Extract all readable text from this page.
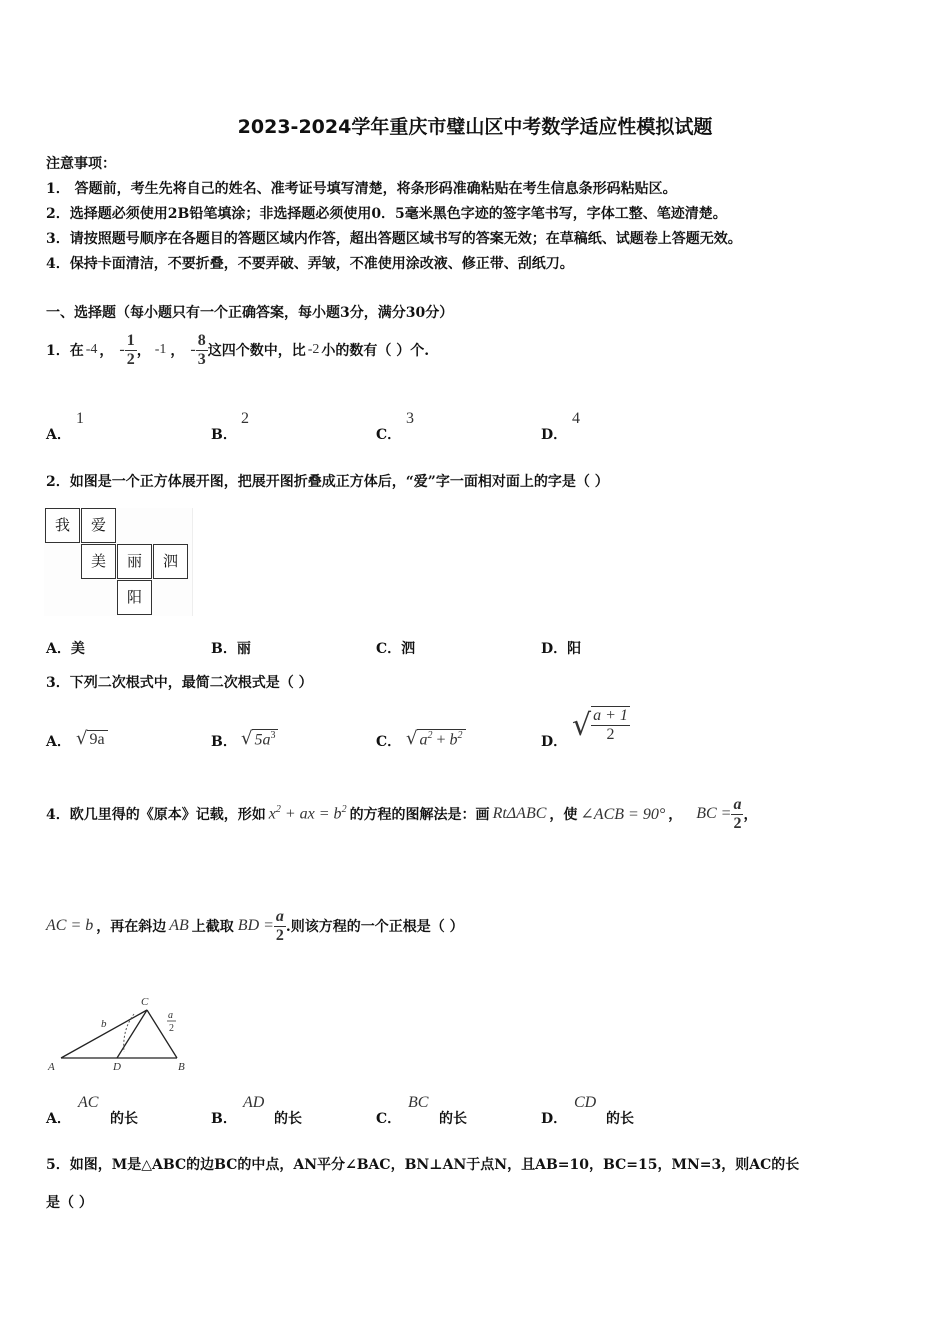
2023-2024学年重庆市璧山区中考数学适应性模拟试题
注意事项：
1． 答题前，考生先将自己的姓名、准考证号填写清楚，将条形码准确粘贴在考生信息条形码粘贴区。
2．选择题必须使用2B铅笔填涂；非选择题必须使用0．5毫米黑色字迹的签字笔书写，字体工整、笔迹清楚。
3．请按照题号顺序在各题目的答题区域内作答，超出答题区域书写的答案无效；在草稿纸、试题卷上答题无效。
4．保持卡面清洁，不要折叠，不要弄破、弄皱，不准使用涂改液、修正带、刮纸刀。
一、选择题（每小题只有一个正确答案，每小题3分，满分30分）
1．在 -4 ， - $\frac{1}{2}$ ， -1 ， - $\frac{8}{3}$ 这四个数中，比 -2 小的数有（ ）个.
A．
1
B．
2
C．
3
D．
4
2．如图是一个正方体展开图，把展开图折叠成正方体后，“爱”字一面相对面上的字是（ ）
我	爱
美	丽	泗
阳
A．美	B．丽	C．泗	D．阳
3．下列二次根式中，最简二次根式是（ ）
A． √ 9a	B． √ $5a^3$	C． √ $a^2 + b^2$	D． √ $\frac{a + 1}{2}$
4．欧几里得的《原本》记载，形如 $x^2$ + ax = $b^2$ 的方程的图解法是：画 RtΔABC ，使 ∠ACB = 90° ， BC = $\frac{a}{2}$ ，
AC = b ，再在斜边 AB 上截取 BD = $\frac{a}{2}$ .则该方程的一个正根是（ ）
A	D	B
C
b
a
2
A．
AC
的长	B．
AD
的长	C．
BC
的长	D．
CD
的长
5．如图，M是△ABC的边BC的中点，AN平分∠BAC，BN⊥AN于点N，且AB=10，BC=15，MN=3，则AC的长
是（ ）
